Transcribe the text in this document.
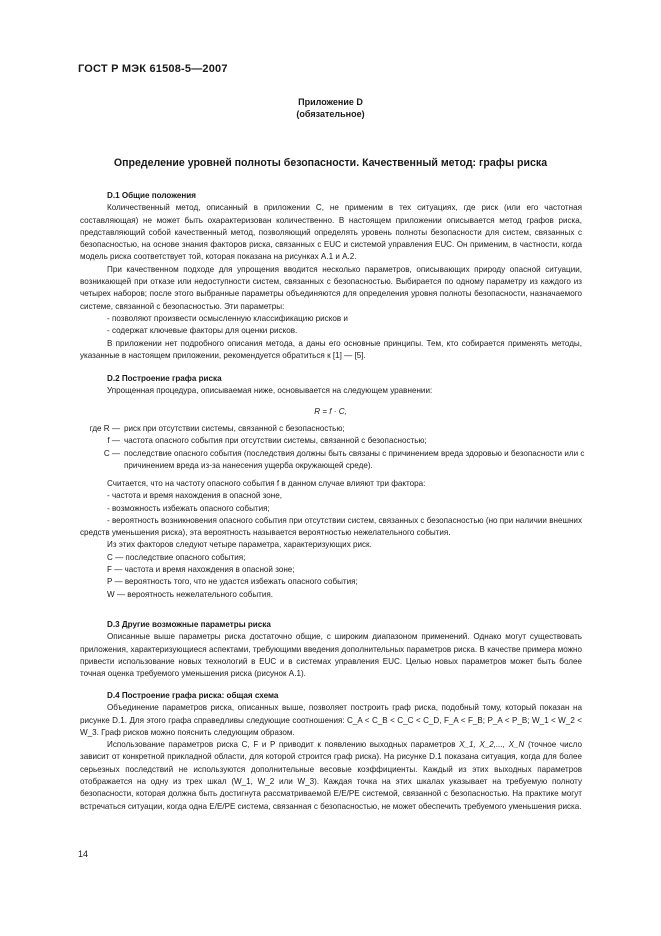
ГОСТ Р МЭК 61508-5—2007
Приложение D
(обязательное)
Определение уровней полноты безопасности. Качественный метод: графы риска

D.1 Общие положения

Количественный метод, описанный в приложении C, не применим в тех ситуациях, где риск (или его частотная составляющая) не может быть охарактеризован количественно. В настоящем приложении описывается метод графов риска, представляющий собой качественный метод, позволяющий определять уровень полноты безопасности для систем, связанных с безопасностью, на основе знания факторов риска, связанных с EUC и системой управления EUC. Он применим, в частности, когда модель риска соответствует той, которая показана на рисунках A.1 и A.2.

При качественном подходе для упрощения вводится несколько параметров, описывающих природу опасной ситуации, возникающей при отказе или недоступности систем, связанных с безопасностью. Выбирается по одному параметру из каждого из четырех наборов; после этого выбранные параметры объединяются для определения уровня полноты безопасности, назначаемого системе, связанной с безопасностью. Эти параметры:

- позволяют произвести осмысленную классификацию рисков и

- содержат ключевые факторы для оценки рисков.

В приложении нет подробного описания метода, а даны его основные принципы. Тем, кто собирается применять методы, указанные в настоящем приложении, рекомендуется обратиться к [1] — [5].

D.2 Построение графа риска

Упрощенная процедура, описываемая ниже, основывается на следующем уравнении:

R = f · C,
где R — риск при отсутствии системы, связанной с безопасностью;
f — частота опасного события при отсутствии системы, связанной с безопасностью;
C — последствие опасного события (последствия должны быть связаны с причинением вреда здоровью и безопасности или с причинением вреда из-за нанесения ущерба окружающей среде).

Считается, что на частоту опасного события f в данном случае влияют три фактора:

- частота и время нахождения в опасной зоне,

- возможность избежать опасного события;

- вероятность возникновения опасного события при отсутствии систем, связанных с безопасностью (но при наличии внешних средств уменьшения риска), эта вероятность называется вероятностью нежелательного события.

Из этих факторов следуют четыре параметра, характеризующих риск.

C — последствие опасного события;

F — частота и время нахождения в опасной зоне;

P — вероятность того, что не удастся избежать опасного события;

W — вероятность нежелательного события.

D.3 Другие возможные параметры риска

Описанные выше параметры риска достаточно общие, с широким диапазоном применений. Однако могут существовать приложения, характеризующиеся аспектами, требующими введения дополнительных параметров риска. В качестве примера можно привести использование новых технологий в EUC и в системах управления EUC. Целью новых параметров может быть более точная оценка требуемого уменьшения риска (рисунок A.1).

D.4 Построение графа риска: общая схема

Объединение параметров риска, описанных выше, позволяет построить граф риска, подобный тому, который показан на рисунке D.1. Для этого графа справедливы следующие соотношения: C_A < C_B < C_C < C_D, F_A < F_B; P_A < P_B; W_1 < W_2 < W_3. Граф рисков можно пояснить следующим образом.

Использование параметров риска C, F и P приводит к появлению выходных параметров X_1, X_2,..., X_N (точное число зависит от конкретной прикладной области, для которой строится граф риска). На рисунке D.1 показана ситуация, когда для более серьезных последствий не используются дополнительные весовые коэффициенты. Каждый из этих выходных параметров отображается на одну из трех шкал (W_1, W_2 или W_3). Каждая точка на этих шкалах указывает на требуемую полноту безопасности, которая должна быть достигнута рассматриваемой E/E/PE системой, связанной с безопасностью. На практике могут встречаться ситуации, когда одна E/E/PE система, связанная с безопасностью, не может обеспечить требуемого уменьшения риска.

14
